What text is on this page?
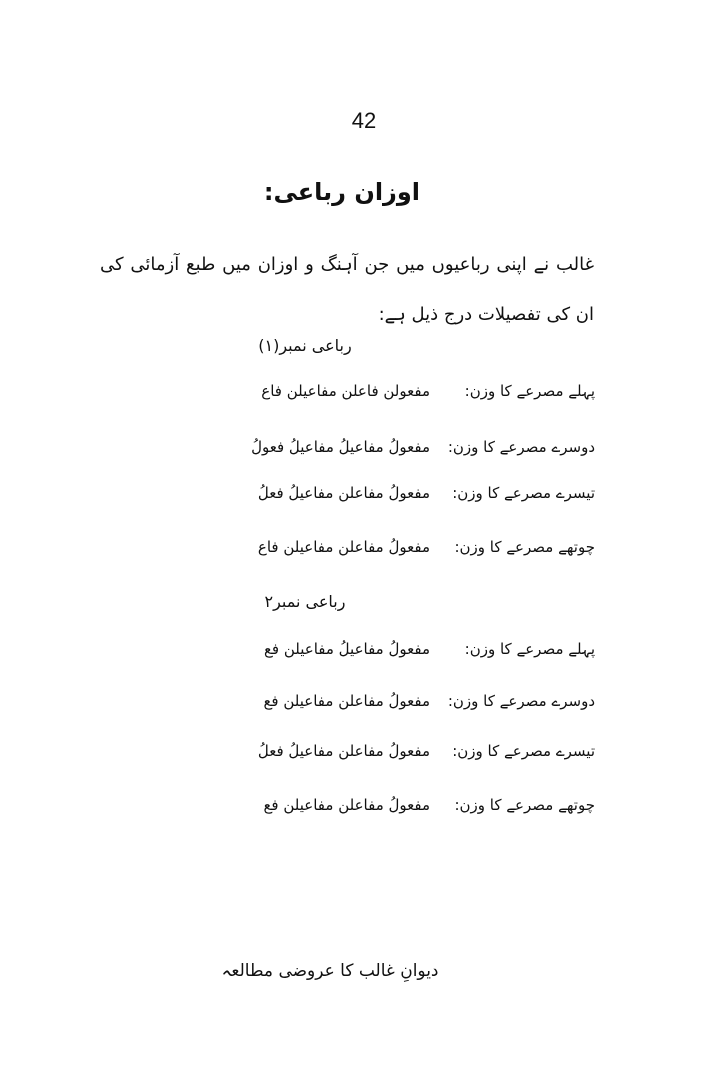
42
اوزان رباعی:
غالب نے اپنی رباعیوں میں جن آہنگ و اوزان میں طبع آزمائی کی ان کی تفصیلات درج ذیل ہے:
رباعی نمبر(۱)
پہلے مصرعے کا وزن:
مفعولن فاعلن مفاعیلن فاع
دوسرے مصرعے کا وزن:
مفعولُ مفاعیلُ مفاعیلُ فعولُ
تیسرے مصرعے کا وزن:
مفعولُ مفاعلن مفاعیلُ فعلُ
چوتھے مصرعے کا وزن:
مفعولُ مفاعلن مفاعیلن فاع
رباعی نمبر۲
پہلے مصرعے کا وزن:
مفعولُ مفاعیلُ مفاعیلن فع
دوسرے مصرعے کا وزن:
مفعولُ مفاعلن مفاعیلن فع
تیسرے مصرعے کا وزن:
مفعولُ مفاعلن مفاعیلُ فعلُ
چوتھے مصرعے کا وزن:
مفعولُ مفاعلن مفاعیلن فع
دیوانِ غالب کا عروضی مطالعہ
